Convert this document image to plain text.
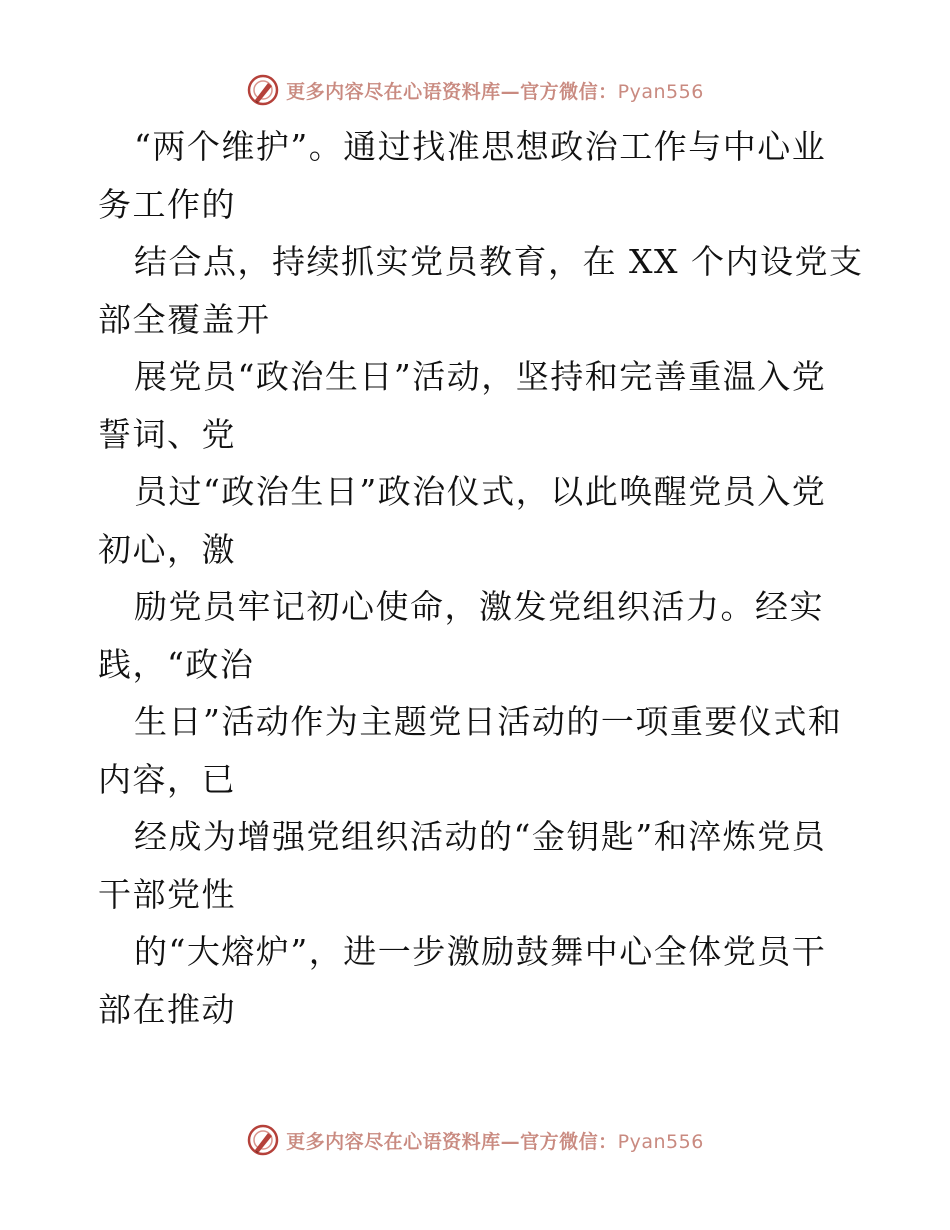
更多内容尽在心语资料库—官方微信：Pyan556
“两个维护”。通过找准思想政治工作与中心业
务工作的
结合点，持续抓实党员教育，在 XX 个内设党支
部全覆盖开
展党员“政治生日”活动，坚持和完善重温入党
誓词、党
员过“政治生日”政治仪式，以此唤醒党员入党
初心，激
励党员牢记初心使命，激发党组织活力。经实
践，“政治
生日”活动作为主题党日活动的一项重要仪式和
内容，已
经成为增强党组织活动的“金钥匙”和淬炼党员
干部党性
的“大熔炉”，进一步激励鼓舞中心全体党员干
部在推动
更多内容尽在心语资料库—官方微信：Pyan556
